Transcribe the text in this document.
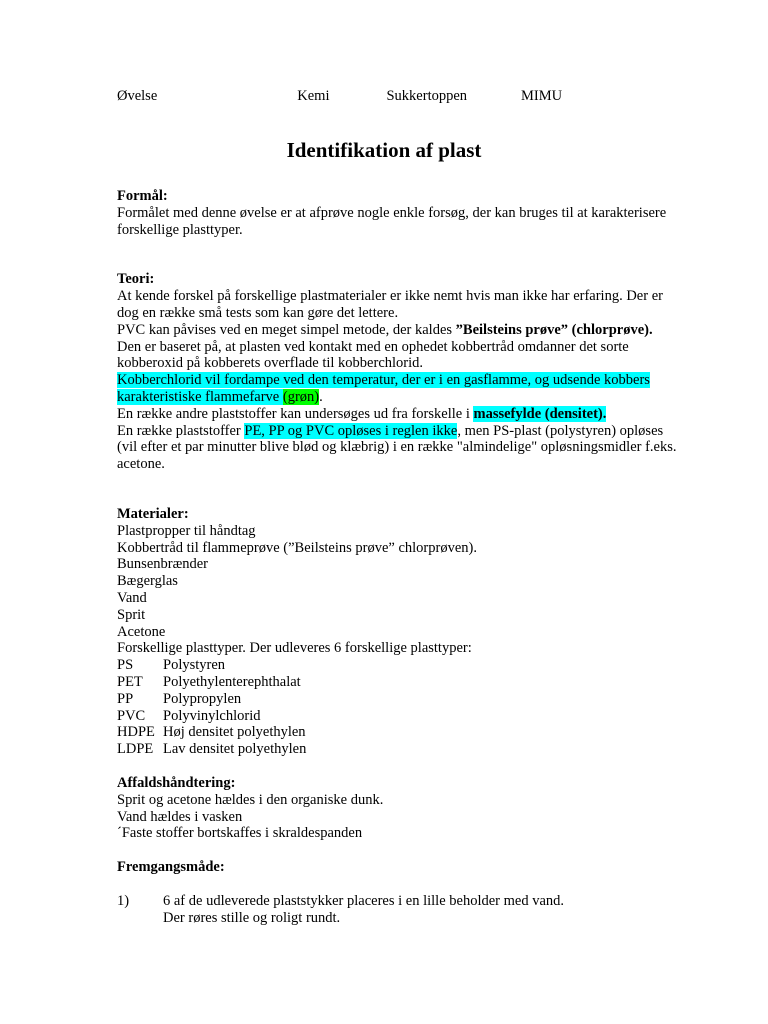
Øvelse	Kemi	Sukkertoppen	MIMU
Identifikation af plast
Formål:
Formålet med denne øvelse er at afprøve nogle enkle forsøg, der kan bruges til at karakterisere forskellige plasttyper.
Teori:
At kende forskel på forskellige plastmaterialer er ikke nemt hvis man ikke har erfaring. Der er dog en række små tests som kan gøre det lettere.
PVC kan påvises ved en meget simpel metode, der kaldes ”Beilsteins prøve” (chlorprøve). Den er baseret på, at plasten ved kontakt med en ophedet kobbertråd omdanner det sorte kobberoxid på kobberets overflade til kobberchlorid.
Kobberchlorid vil fordampe ved den temperatur, der er i en gasflamme, og udsende kobbers karakteristiske flammefarve (grøn).
En række andre plaststoffer kan undersøges ud fra forskelle i massefylde (densitet).
En række plaststoffer PE, PP og PVC opløses i reglen ikke, men PS-plast (polystyren) opløses (vil efter et par minutter blive blød og klæbrig) i en række "almindelige" opløsningsmidler f.eks. acetone.
Materialer:
Plastpropper til håndtag
Kobbertråd til flammeprøve (”Beilsteins prøve” chlorprøven).
Bunsenbrænder
Bægerglas
Vand
Sprit
Acetone
Forskellige plasttyper. Der udleveres 6 forskellige plasttyper:
PS	Polystyren
PET	Polyethylenterephthalat
PP	Polypropylen
PVC	Polyvinylchlorid
HDPE Høj densitet polyethylen
LDPE Lav densitet polyethylen
Affaldshåndtering:
Sprit og acetone hældes i den organiske dunk.
Vand hældes i vasken
´Faste stoffer bortskaffes i skraldespanden
Fremgangsmåde:
1)	6 af de udleverede plaststykker placeres i en lille beholder med vand.
Der røres stille og roligt rundt.
